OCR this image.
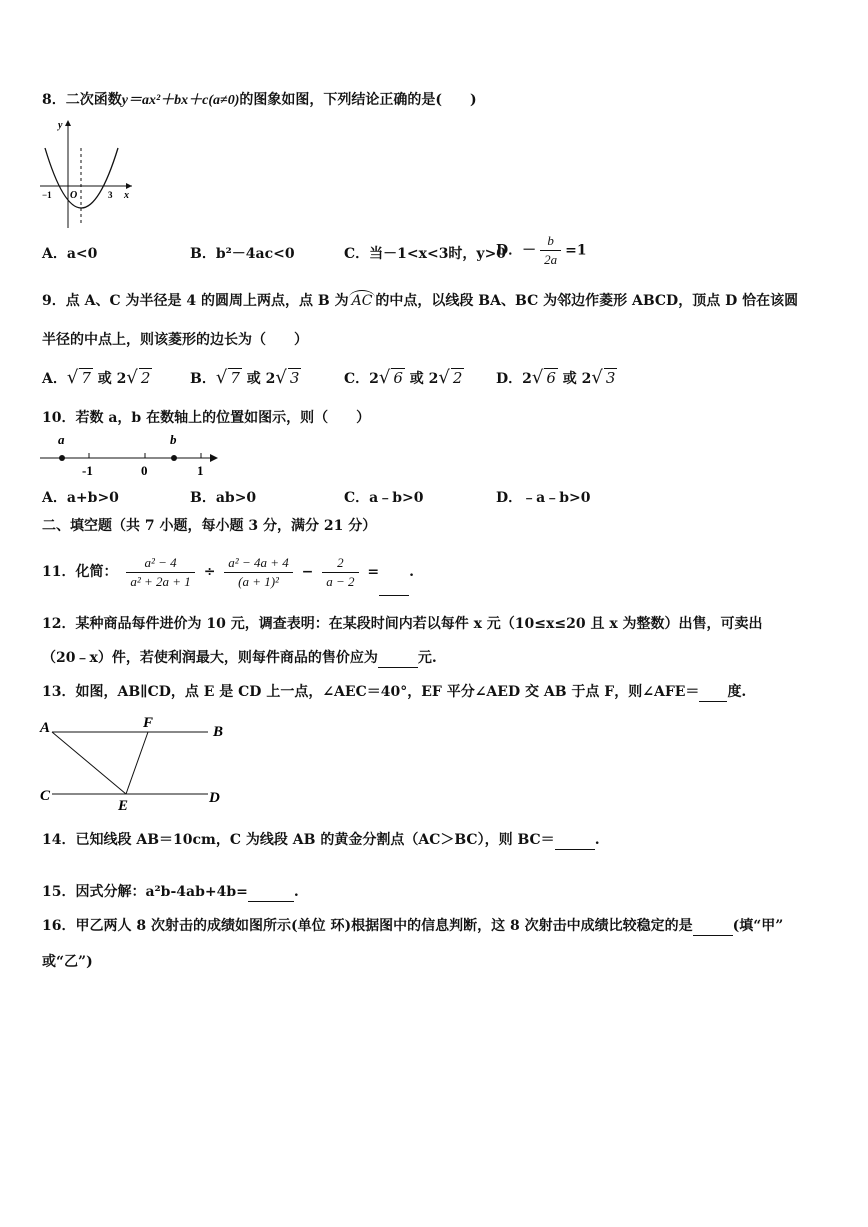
8．二次函数y＝ax²＋bx＋c(a≠0)的图象如图，下列结论正确的是(　　)
y
x
O
−1	3
A．a<0	B．b²－4ac<0	C．当－1<x<3时，y>0
D．－ $\frac{b}{2a} =1$
9．点 A、C 为半径是 4 的圆周上两点，点 B 为 AC 的中点，以线段 BA、BC 为邻边作菱形 ABCD，顶点 D 恰在该圆
半径的中点上，则该菱形的边长为（　　）
A．√ 7 或 2√ 2	B．√ 7 或 2√ 3	C．2√ 6 或 2√ 2 D．2√ 6 或 2√ 3
10．若数 a，b 在数轴上的位置如图示，则（　　）
a	b
-1	0	1
A．a+b>0	B．ab>0	C．a﹣b>0	D．﹣a﹣b>0
二、填空题（共 7 小题，每小题 3 分，满分 21 分）
11．化简： $\frac{\text{a² − 4}}{\text{a² + 2a + 1}} \div \frac{\text{a² − 4a + 4}}{\text{(a + 1)²}} - \frac{2}{a - 2}$ = .
12．某种商品每件进价为 10 元，调查表明：在某段时间内若以每件 x 元（10≤x≤20 且 x 为整数）出售，可卖出
（20﹣x）件，若使利润最大，则每件商品的售价应为	元.
13．如图，AB∥CD，点 E 是 CD 上一点，∠AEC＝40°，EF 平分∠AED 交 AB 于点 F，则∠AFE＝ 度.
A	F
B
C
E	D
14．已知线段 AB＝10cm，C 为线段 AB 的黄金分割点（AC＞BC），则 BC＝	.
15．因式分解：a²b-4ab+4b=	.
16．甲乙两人 8 次射击的成绩如图所示(单位 环)根据图中的信息判断，这 8 次射击中成绩比较稳定的是	(填“甲”
或“乙”)
